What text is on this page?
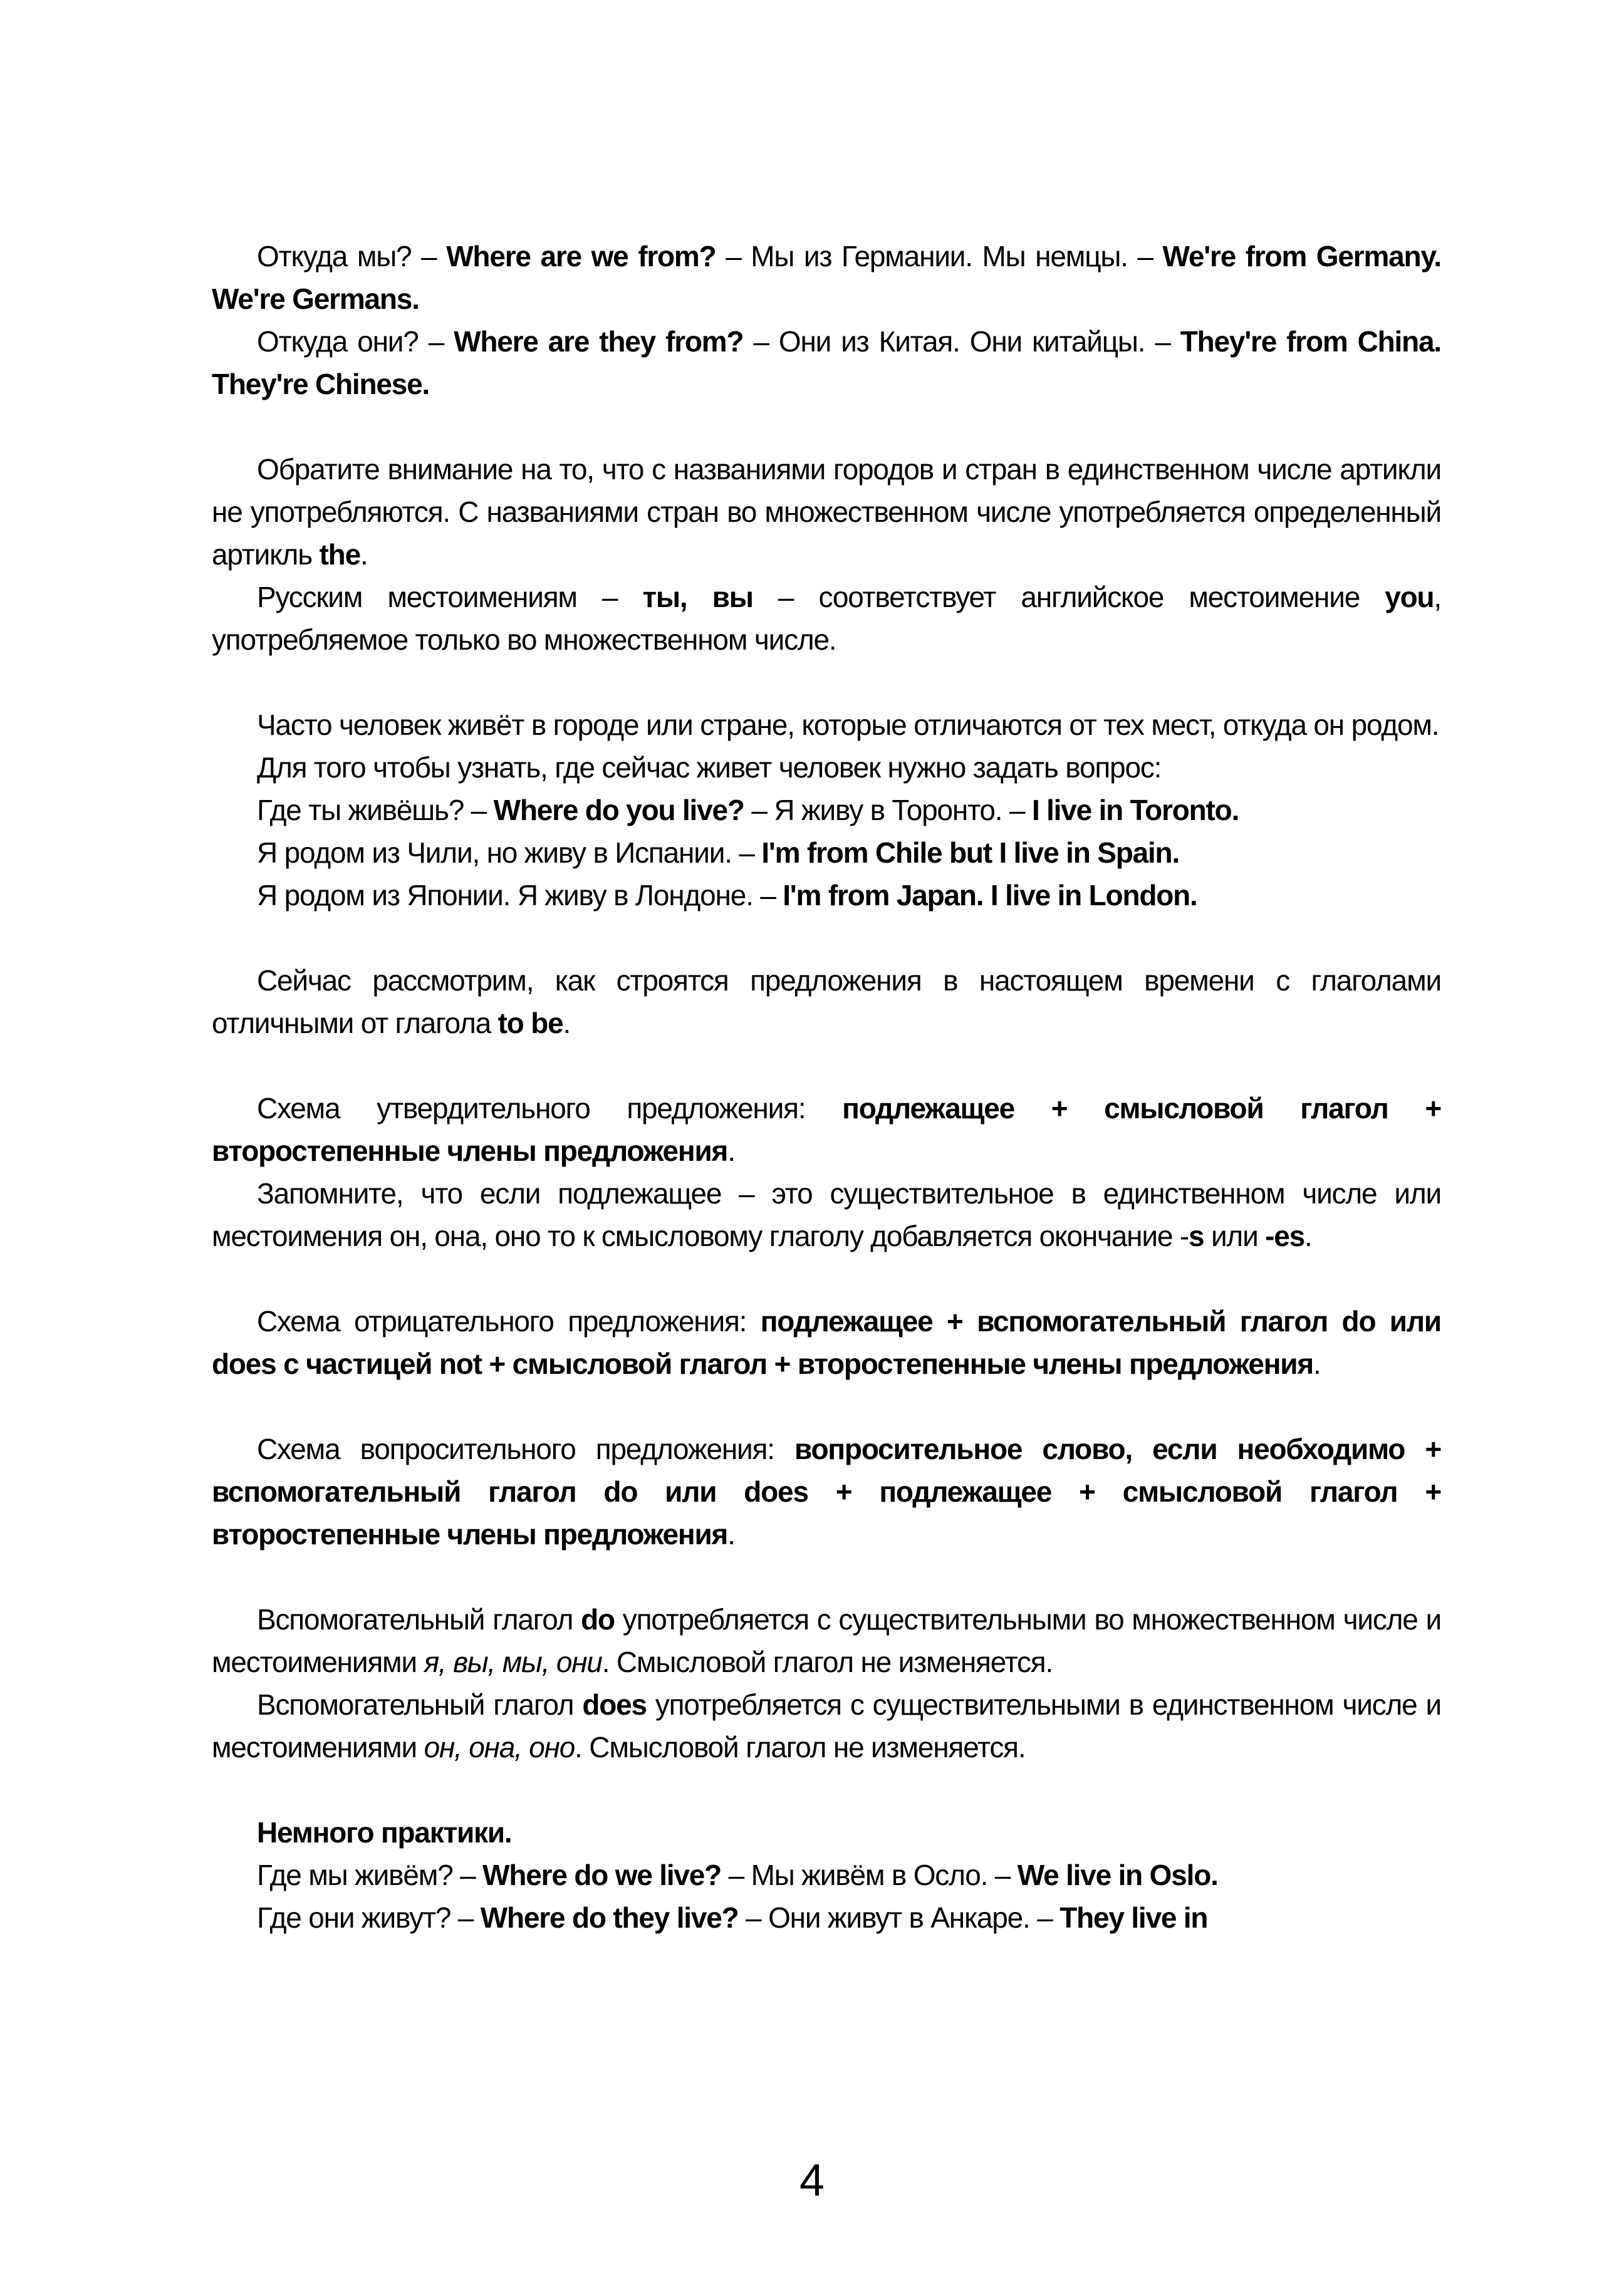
Откуда мы? – Where are we from? – Мы из Германии. Мы немцы. – We're from Germany. We're Germans.

Откуда они? – Where are they from? – Они из Китая. Они китайцы. – They're from China. They're Chinese.

Обратите внимание на то, что с названиями городов и стран в единственном числе артикли не употребляются. С названиями стран во множественном числе употребляется определенный артикль the.

Русским местоимениям – ты, вы – соответствует английское местоимение you, употребляемое только во множественном числе.

Часто человек живёт в городе или стране, которые отличаются от тех мест, откуда он родом.

Для того чтобы узнать, где сейчас живет человек нужно задать вопрос:

Где ты живёшь? – Where do you live? – Я живу в Торонто. – I live in Toronto.

Я родом из Чили, но живу в Испании. – I'm from Chile but I live in Spain.

Я родом из Японии. Я живу в Лондоне. – I'm from Japan. I live in London.

Сейчас рассмотрим, как строятся предложения в настоящем времени с глаголами отличными от глагола to be.

Схема утвердительного предложения: подлежащее + смысловой глагол + второстепенные члены предложения.

Запомните, что если подлежащее – это существительное в единственном числе или местоимения он, она, оно то к смысловому глаголу добавляется окончание -s или -es.

Схема отрицательного предложения: подлежащее + вспомогательный глагол do или does с частицей not + смысловой глагол + второстепенные члены предложения.

Схема вопросительного предложения: вопросительное слово, если необходимо + вспомогательный глагол do или does + подлежащее + смысловой глагол + второстепенные члены предложения.

Вспомогательный глагол do употребляется с существительными во множественном числе и местоимениями я, вы, мы, они. Смысловой глагол не изменяется.

Вспомогательный глагол does употребляется с существительными в единственном числе и местоимениями он, она, оно. Смысловой глагол не изменяется.

Немного практики.

Где мы живём? – Where do we live? – Мы живём в Осло. – We live in Oslo.

Где они живут? – Where do they live? – Они живут в Анкаре. – They live in

4
